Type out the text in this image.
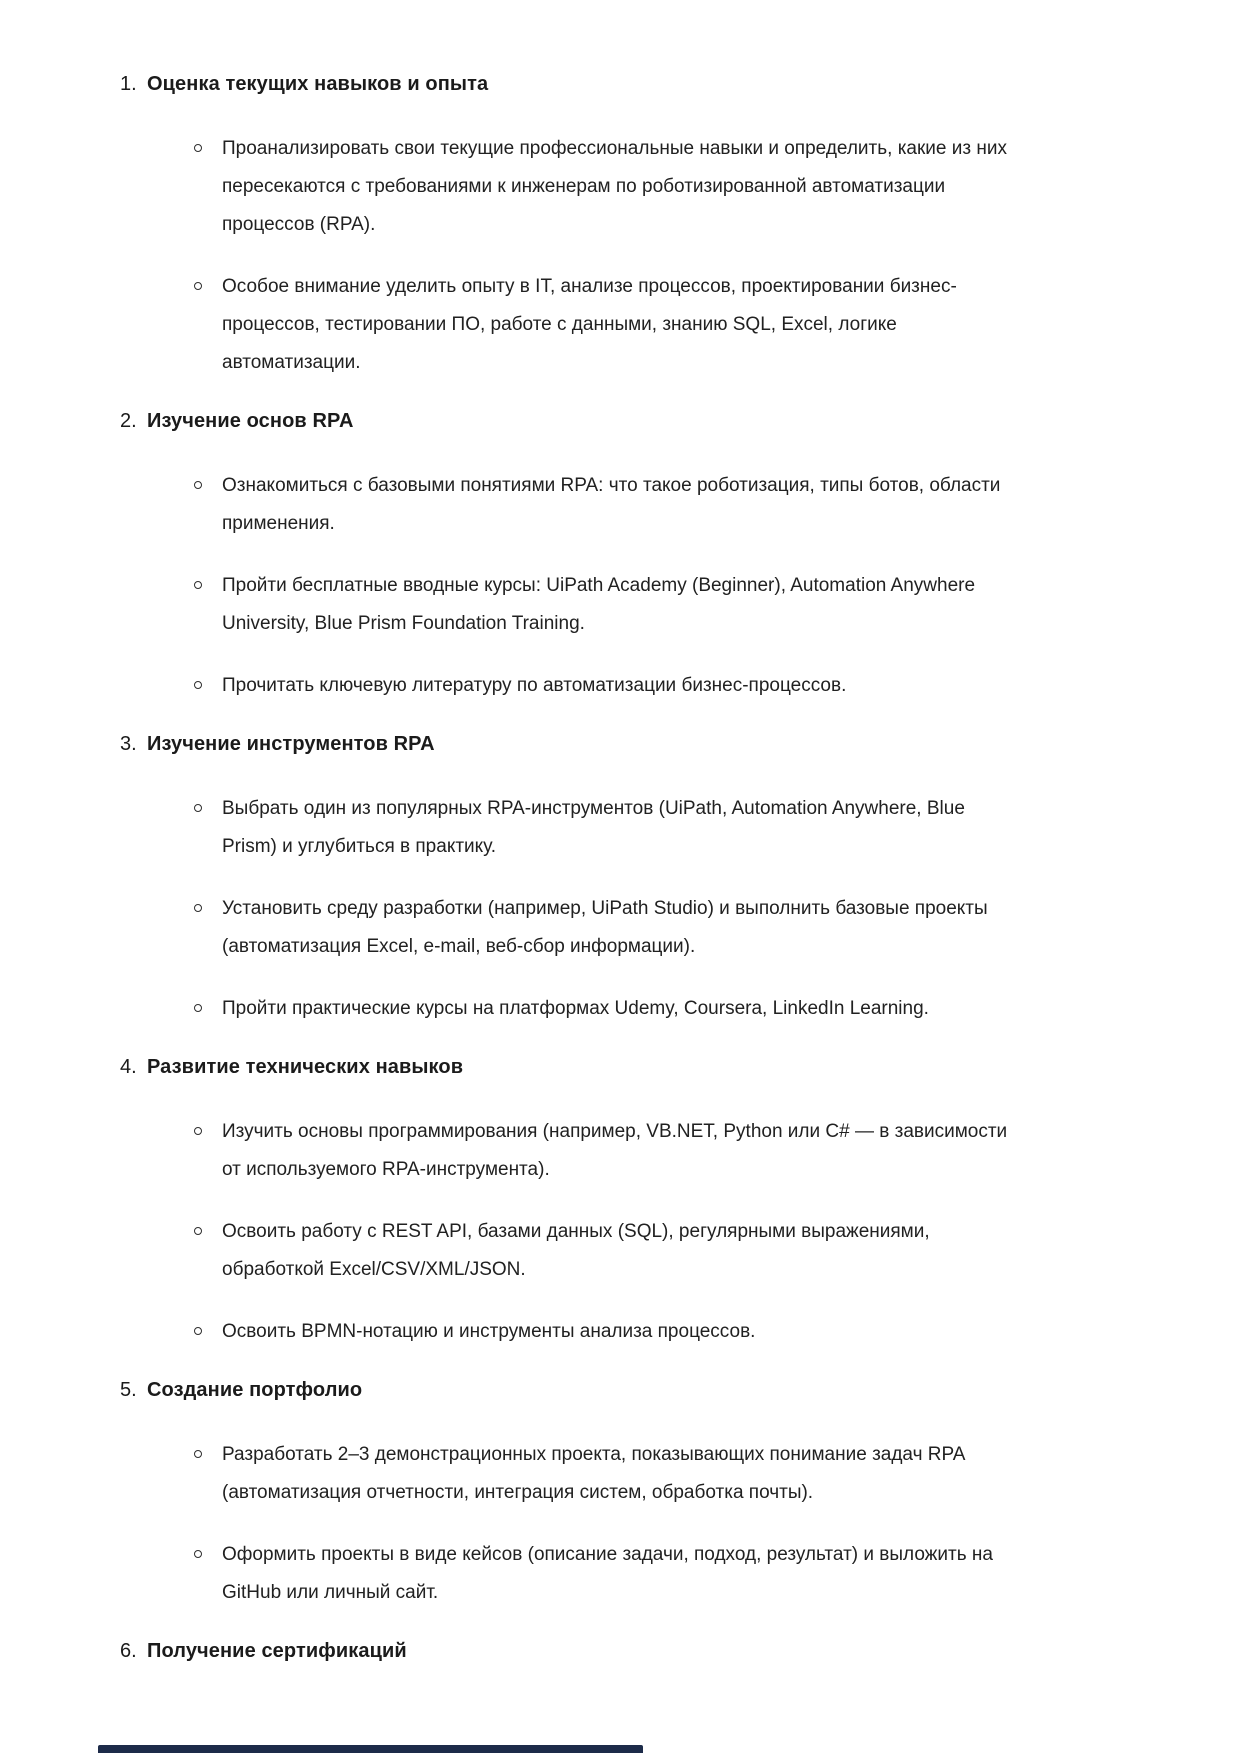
1. Оценка текущих навыков и опыта
Проанализировать свои текущие профессиональные навыки и определить, какие из них пересекаются с требованиями к инженерам по роботизированной автоматизации процессов (RPA).
Особое внимание уделить опыту в IT, анализе процессов, проектировании бизнес-процессов, тестировании ПО, работе с данными, знанию SQL, Excel, логике автоматизации.
2. Изучение основ RPA
Ознакомиться с базовыми понятиями RPA: что такое роботизация, типы ботов, области применения.
Пройти бесплатные вводные курсы: UiPath Academy (Beginner), Automation Anywhere University, Blue Prism Foundation Training.
Прочитать ключевую литературу по автоматизации бизнес-процессов.
3. Изучение инструментов RPA
Выбрать один из популярных RPA-инструментов (UiPath, Automation Anywhere, Blue Prism) и углубиться в практику.
Установить среду разработки (например, UiPath Studio) и выполнить базовые проекты (автоматизация Excel, e-mail, веб-сбор информации).
Пройти практические курсы на платформах Udemy, Coursera, LinkedIn Learning.
4. Развитие технических навыков
Изучить основы программирования (например, VB.NET, Python или C# — в зависимости от используемого RPA-инструмента).
Освоить работу с REST API, базами данных (SQL), регулярными выражениями, обработкой Excel/CSV/XML/JSON.
Освоить BPMN-нотацию и инструменты анализа процессов.
5. Создание портфолио
Разработать 2–3 демонстрационных проекта, показывающих понимание задач RPA (автоматизация отчетности, интеграция систем, обработка почты).
Оформить проекты в виде кейсов (описание задачи, подход, результат) и выложить на GitHub или личный сайт.
6. Получение сертификаций
